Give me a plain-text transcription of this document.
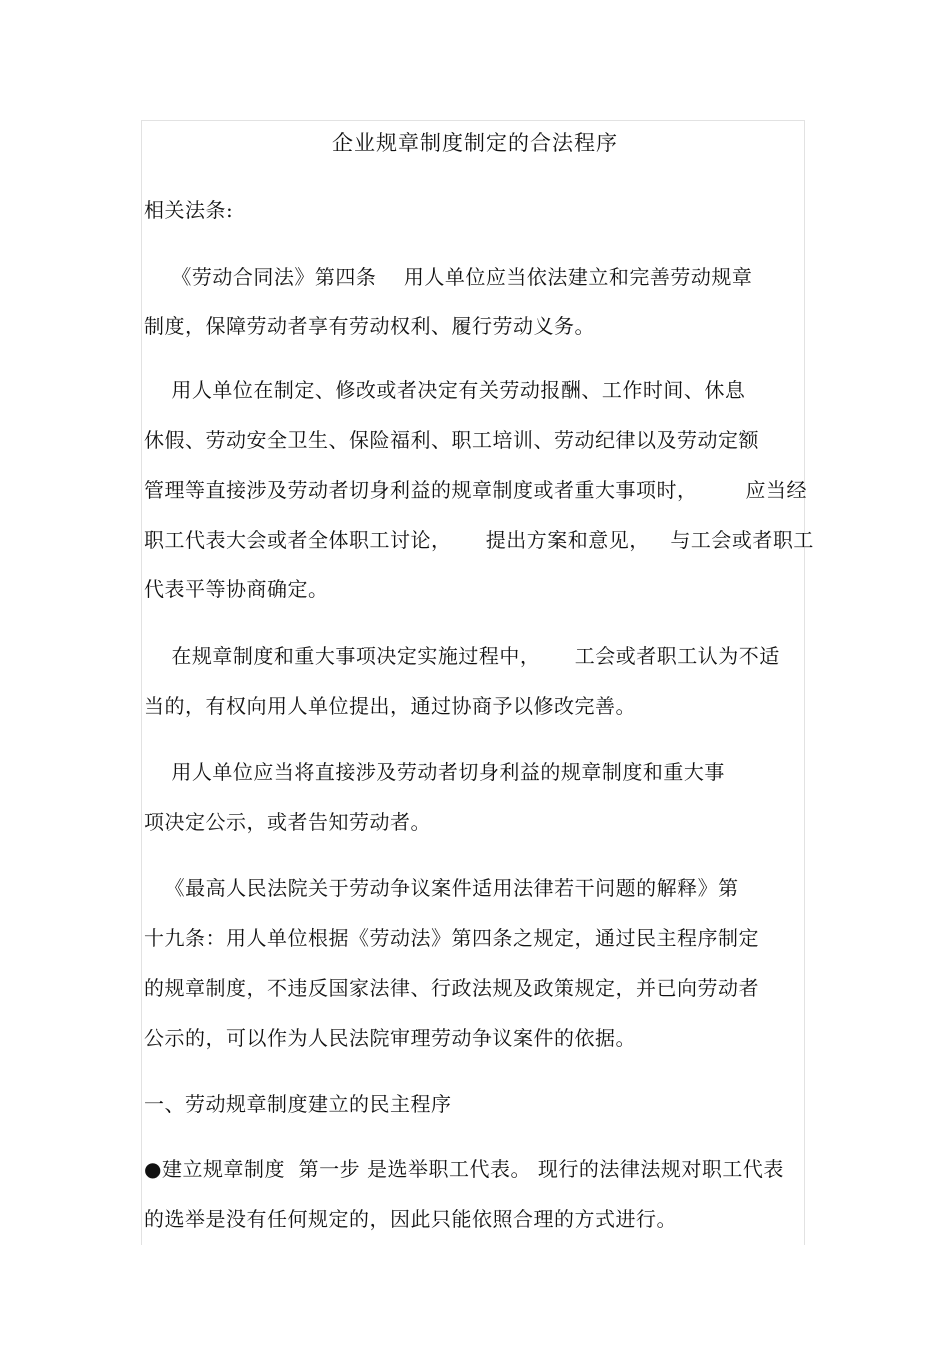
企业规章制度制定的合法程序
相关法条:
《劳动合同法》第四条    用人单位应当依法建立和完善劳动规章
制度，保障劳动者享有劳动权利、履行劳动义务。
用人单位在制定、修改或者决定有关劳动报酬、工作时间、休息
休假、劳动安全卫生、保险福利、职工培训、劳动纪律以及劳动定额
管理等直接涉及劳动者切身利益的规章制度或者重大事项时，       应当经
职工代表大会或者全体职工讨论，     提出方案和意见，   与工会或者职工
代表平等协商确定。
在规章制度和重大事项决定实施过程中，     工会或者职工认为不适
当的，有权向用人单位提出，通过协商予以修改完善。
用人单位应当将直接涉及劳动者切身利益的规章制度和重大事
项决定公示，或者告知劳动者。
《最高人民法院关于劳动争议案件适用法律若干问题的解释》第
十九条：用人单位根据《劳动法》第四条之规定，通过民主程序制定
的规章制度，不违反国家法律、行政法规及政策规定，并已向劳动者
公示的，可以作为人民法院审理劳动争议案件的依据。
一、劳动规章制度建立的民主程序
●建立规章制度  第一步 是选举职工代表。 现行的法律法规对职工代表
的选举是没有任何规定的，因此只能依照合理的方式进行。
